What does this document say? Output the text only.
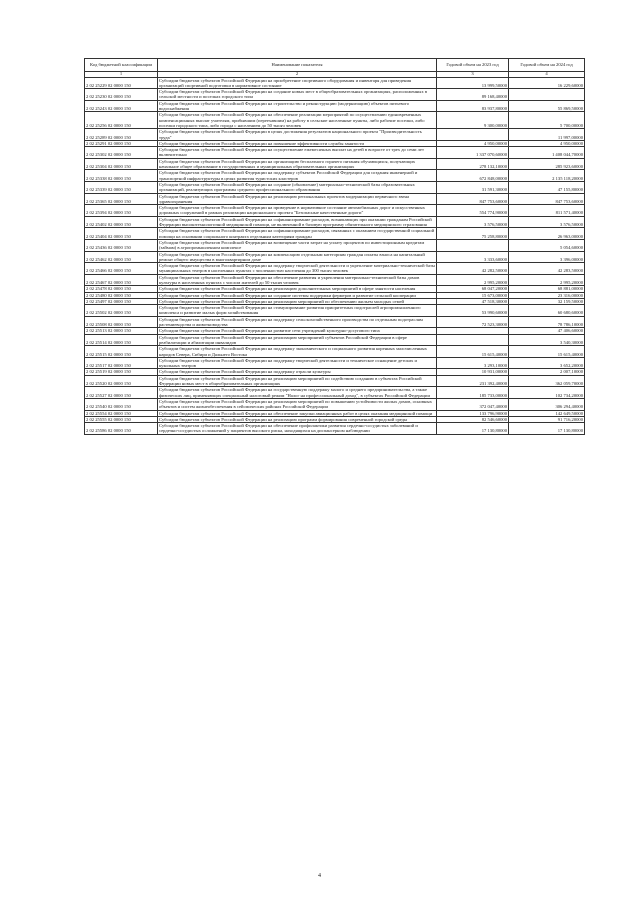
Код бюджетной классификации	Наименование показателя	Годовой объем на 2023 год	Годовой объем на 2024 год
1	2	3	4
2 02 25229 02 0000 150	Субсидии бюджетам субъектов Российской Федерации на приобретение спортивного оборудования и инвентаря для приведения организаций спортивной подготовки в нормативное состояние	13 999,50000	16 229,60000
2 02 25230 02 0000 150	Субсидии бюджетам субъектов Российской Федерации на создание новых мест в общеобразовательных организациях, расположенных в сельской местности и поселках городского типа	89 168,40000	
2 02 25243 02 0000 150	Субсидии бюджетам субъектов Российской Федерации на строительство и реконструкцию (модернизацию) объектов питьевого водоснабжения	83 937,80000	55 869,50000
2 02 25256 02 0000 150	Субсидии бюджетам субъектов Российской Федерации на обеспечение реализации мероприятий по осуществлению единовременных компенсационных выплат учителям, прибывшим (переехавшим) на работу в сельские населенные пункты, либо рабочие поселки, либо поселки городского типа, либо города с населением до 50 тысяч человек	9 300,00000	5 700,00000
2 02 25289 02 0000 150	Субсидии бюджетам субъектов Российской Федерации в целях достижения результатов национального проекта "Производительность труда"		11 997,00000
2 02 25291 02 0000 150	Субсидии бюджетам субъектов Российской Федерации на повышение эффективности службы занятости	4 950,00000	4 950,00000
2 02 25302 02 0000 150	Субсидии бюджетам субъектов Российской Федерации на осуществление ежемесячных выплат на детей в возрасте от трех до семи лет включительно	1 337 070,60000	1 408 044,70000
2 02 25304 02 0000 150	Субсидии бюджетам субъектов Российской Федерации на организацию бесплатного горячего питания обучающихся, получающих начальное общее образование в государственных и муниципальных образовательных организациях	278 132,10000	285 923,60000
2 02 25338 02 0000 150	Субсидии бюджетам субъектов Российской Федерации на поддержку субъектов Российской Федерации для создания инженерной и транспортной инфраструктуры в целях развития туристских кластеров	672 848,00000	2 135 118,20000
2 02 25339 02 0000 150	Субсидии бюджетам субъектов Российской Федерации на создание (обновление) материально-технической базы образовательных организаций, реализующих программы среднего профессионального образования	31 591,30000	47 155,80000
2 02 25365 02 0000 150	Субсидии бюджетам субъектов Российской Федерации на реализацию региональных проектов модернизации первичного звена здравоохранения	847 753,60000	847 753,60000
2 02 25394 02 0000 150	Субсидии бюджетам субъектов Российской Федерации на приведение в нормативное состояние автомобильных дорог и искусственных дорожных сооружений в рамках реализации национального проекта "Безопасные качественные дороги"	554 774,90000	811 571,40000
2 02 25402 02 0000 150	Субсидии бюджетам субъектов Российской Федерации на софинансирование расходов, возникающих при оказании гражданам Российской Федерации высокотехнологичной медицинской помощи, не включенной в базовую программу обязательного медицинского страхования	3 576,50000	3 576,50000
2 02 25404 02 0000 150	Субсидии бюджетам субъектов Российской Федерации на софинансирование расходов, связанных с оказанием государственной социальной помощи на основании социального контракта отдельным категориям граждан	75 258,80000	26 963,00000
2 02 25436 02 0000 150	Субсидии бюджетам субъектов Российской Федерации на возмещение части затрат на уплату процентов по инвестиционным кредитам (займам) в агропромышленном комплексе		5 054,60000
2 02 25462 02 0000 150	Субсидии бюджетам субъектов Российской Федерации на компенсацию отдельным категориям граждан оплаты взноса на капитальный ремонт общего имущества в многоквартирном доме	3 333,60000	3 396,00000
2 02 25466 02 0000 150	Субсидии бюджетам субъектов Российской Федерации на поддержку творческой деятельности и укрепление материально-технической базы муниципальных театров в населенных пунктах с численностью населения до 300 тысяч человек	42 282,50000	42 283,50000
2 02 25467 02 0000 150	Субсидии бюджетам субъектов Российской Федерации на обеспечение развития и укрепления материально-технической базы домов культуры в населенных пунктах с числом жителей до 50 тысяч человек	2 995,20000	2 995,20000
2 02 25478 02 0000 150	Субсидии бюджетам субъектов Российской Федерации на реализацию дополнительных мероприятий в сфере занятости населения	68 047,20000	68 881,00000
2 02 25480 02 0000 150	Субсидии бюджетам субъектов Российской Федерации на создание системы поддержки фермеров и развитие сельской кооперации	15 673,00000	23 316,00000
2 02 25497 02 0000 150	Субсидии бюджетам субъектов Российской Федерации на реализацию мероприятий по обеспечению жильем молодых семей	47 518,30000	32 159,50000
2 02 25502 02 0000 150	Субсидии бюджетам субъектов Российской Федерации на стимулирование развития приоритетных подотраслей агропромышленного комплекса и развитие малых форм хозяйствования	53 990,60000	60 680,60000
2 02 25508 02 0000 150	Субсидии бюджетам субъектов Российской Федерации на поддержку сельскохозяйственного производства по отдельным подотраслям растениеводства и животноводства	72 523,30000	78 786,10000
2 02 25513 02 0000 150	Субсидии бюджетам субъектов Российской Федерации на развитие сети учреждений культурно-досугового типа		47 406,60000
2 02 25514 02 0000 150	Субсидии бюджетам субъектов Российской Федерации на реализацию мероприятий субъектов Российской Федерации в сфере реабилитации и абилитации инвалидов		3 540,30000
2 02 25515 02 0000 150	Субсидии бюджетам субъектов Российской Федерации на поддержку экономического и социального развития коренных малочисленных народов Севера, Сибири и Дальнего Востока	15 615,40000	15 615,40000
2 02 25517 02 0000 150	Субсидии бюджетам субъектов Российской Федерации на поддержку творческой деятельности и техническое оснащение детских и кукольных театров	3 293,10000	3 652,20000
2 02 25519 02 0000 150	Субсидии бюджетам субъектов Российской Федерации на поддержку отрасли культуры	10 931,00000	2 007,10000
2 02 25520 02 0000 150	Субсидии бюджетам субъектов Российской Федерации на реализацию мероприятий по содействию созданию в субъектах Российской Федерации новых мест в общеобразовательных организациях	231 392,40000	362 059,70000
2 02 25527 02 0000 150	Субсидии бюджетам субъектов Российской Федерации на государственную поддержку малого и среднего предпринимательства, а также физических лиц, применяющих специальный налоговый режим "Налог на профессиональный доход", в субъектах Российской Федерации	185 733,00000	102 734,20000
2 02 25540 02 0000 150	Субсидии бюджетам субъектов Российской Федерации на реализацию мероприятий по повышению устойчивости жилых домов, основных объектов и систем жизнеобеспечения в сейсмических районах Российской Федерации	372 047,40000	306 294,40000
2 02 25554 02 0000 150	Субсидии бюджетам субъектов Российской Федерации на обеспечение закупки авиационных работ в целях оказания медицинской помощи	133 796,90000	142 649,50000
2 02 25555 02 0000 150	Субсидии бюджетам субъектов Российской Федерации на реализацию программ формирования современной городской среды	82 546,60000	91 716,20000
2 02 25586 02 0000 150	Субсидии бюджетам субъектов Российской Федерации на обеспечение профилактики развития сердечно-сосудистых заболеваний и сердечно-сосудистых осложнений у пациентов высокого риска, находящихся на диспансерном наблюдении	17 130,80000	17 130,80000
4
